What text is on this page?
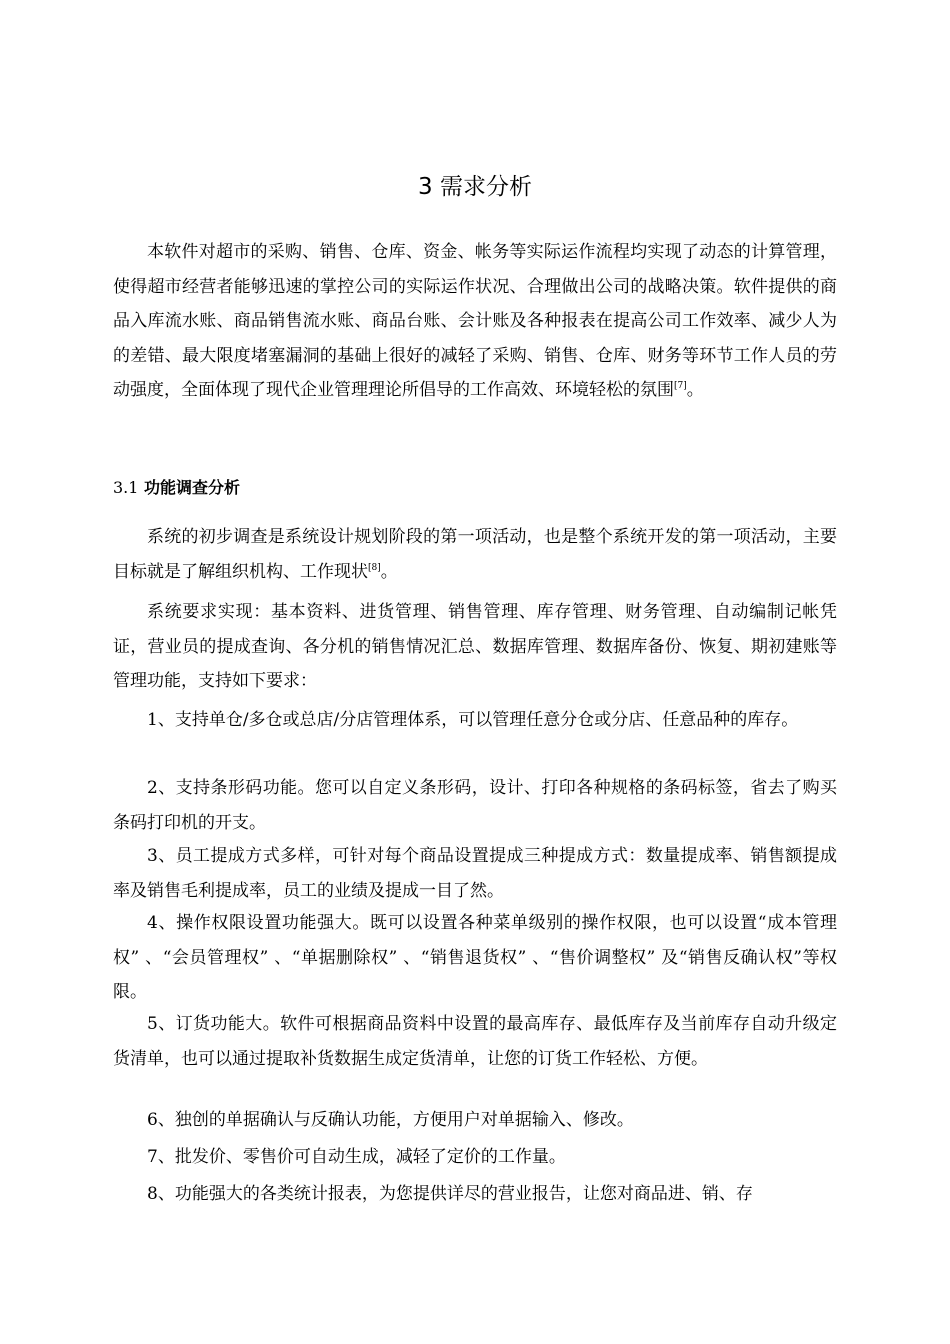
3 需求分析

本软件对超市的采购、销售、仓库、资金、帐务等实际运作流程均实现了动态的计算管理，使得超市经营者能够迅速的掌控公司的实际运作状况、合理做出公司的战略决策。软件提供的商品入库流水账、商品销售流水账、商品台账、会计账及各种报表在提高公司工作效率、减少人为的差错、最大限度堵塞漏洞的基础上很好的减轻了采购、销售、仓库、财务等环节工作人员的劳动强度，全面体现了现代企业管理理论所倡导的工作高效、环境轻松的氛围[7]。

3.1 功能调查分析

系统的初步调查是系统设计规划阶段的第一项活动，也是整个系统开发的第一项活动，主要目标就是了解组织机构、工作现状[8]。

系统要求实现：基本资料、进货管理、销售管理、库存管理、财务管理、自动编制记帐凭证，营业员的提成查询、各分机的销售情况汇总、数据库管理、数据库备份、恢复、期初建账等管理功能，支持如下要求：

1、支持单仓/多仓或总店/分店管理体系，可以管理任意分仓或分店、任意品种的库存。

2、支持条形码功能。您可以自定义条形码，设计、打印各种规格的条码标签，省去了购买条码打印机的开支。

3、员工提成方式多样，可针对每个商品设置提成三种提成方式：数量提成率、销售额提成率及销售毛利提成率，员工的业绩及提成一目了然。

4、操作权限设置功能强大。既可以设置各种菜单级别的操作权限，也可以设置“成本管理权” 、“会员管理权” 、“单据删除权” 、“销售退货权” 、“售价调整权” 及“销售反确认权”等权限。

5、订货功能大。软件可根据商品资料中设置的最高库存、最低库存及当前库存自动升级定货清单，也可以通过提取补货数据生成定货清单，让您的订货工作轻松、方便。

6、独创的单据确认与反确认功能，方便用户对单据输入、修改。

7、批发价、零售价可自动生成，减轻了定价的工作量。

8、功能强大的各类统计报表，为您提供详尽的营业报告，让您对商品进、销、存
